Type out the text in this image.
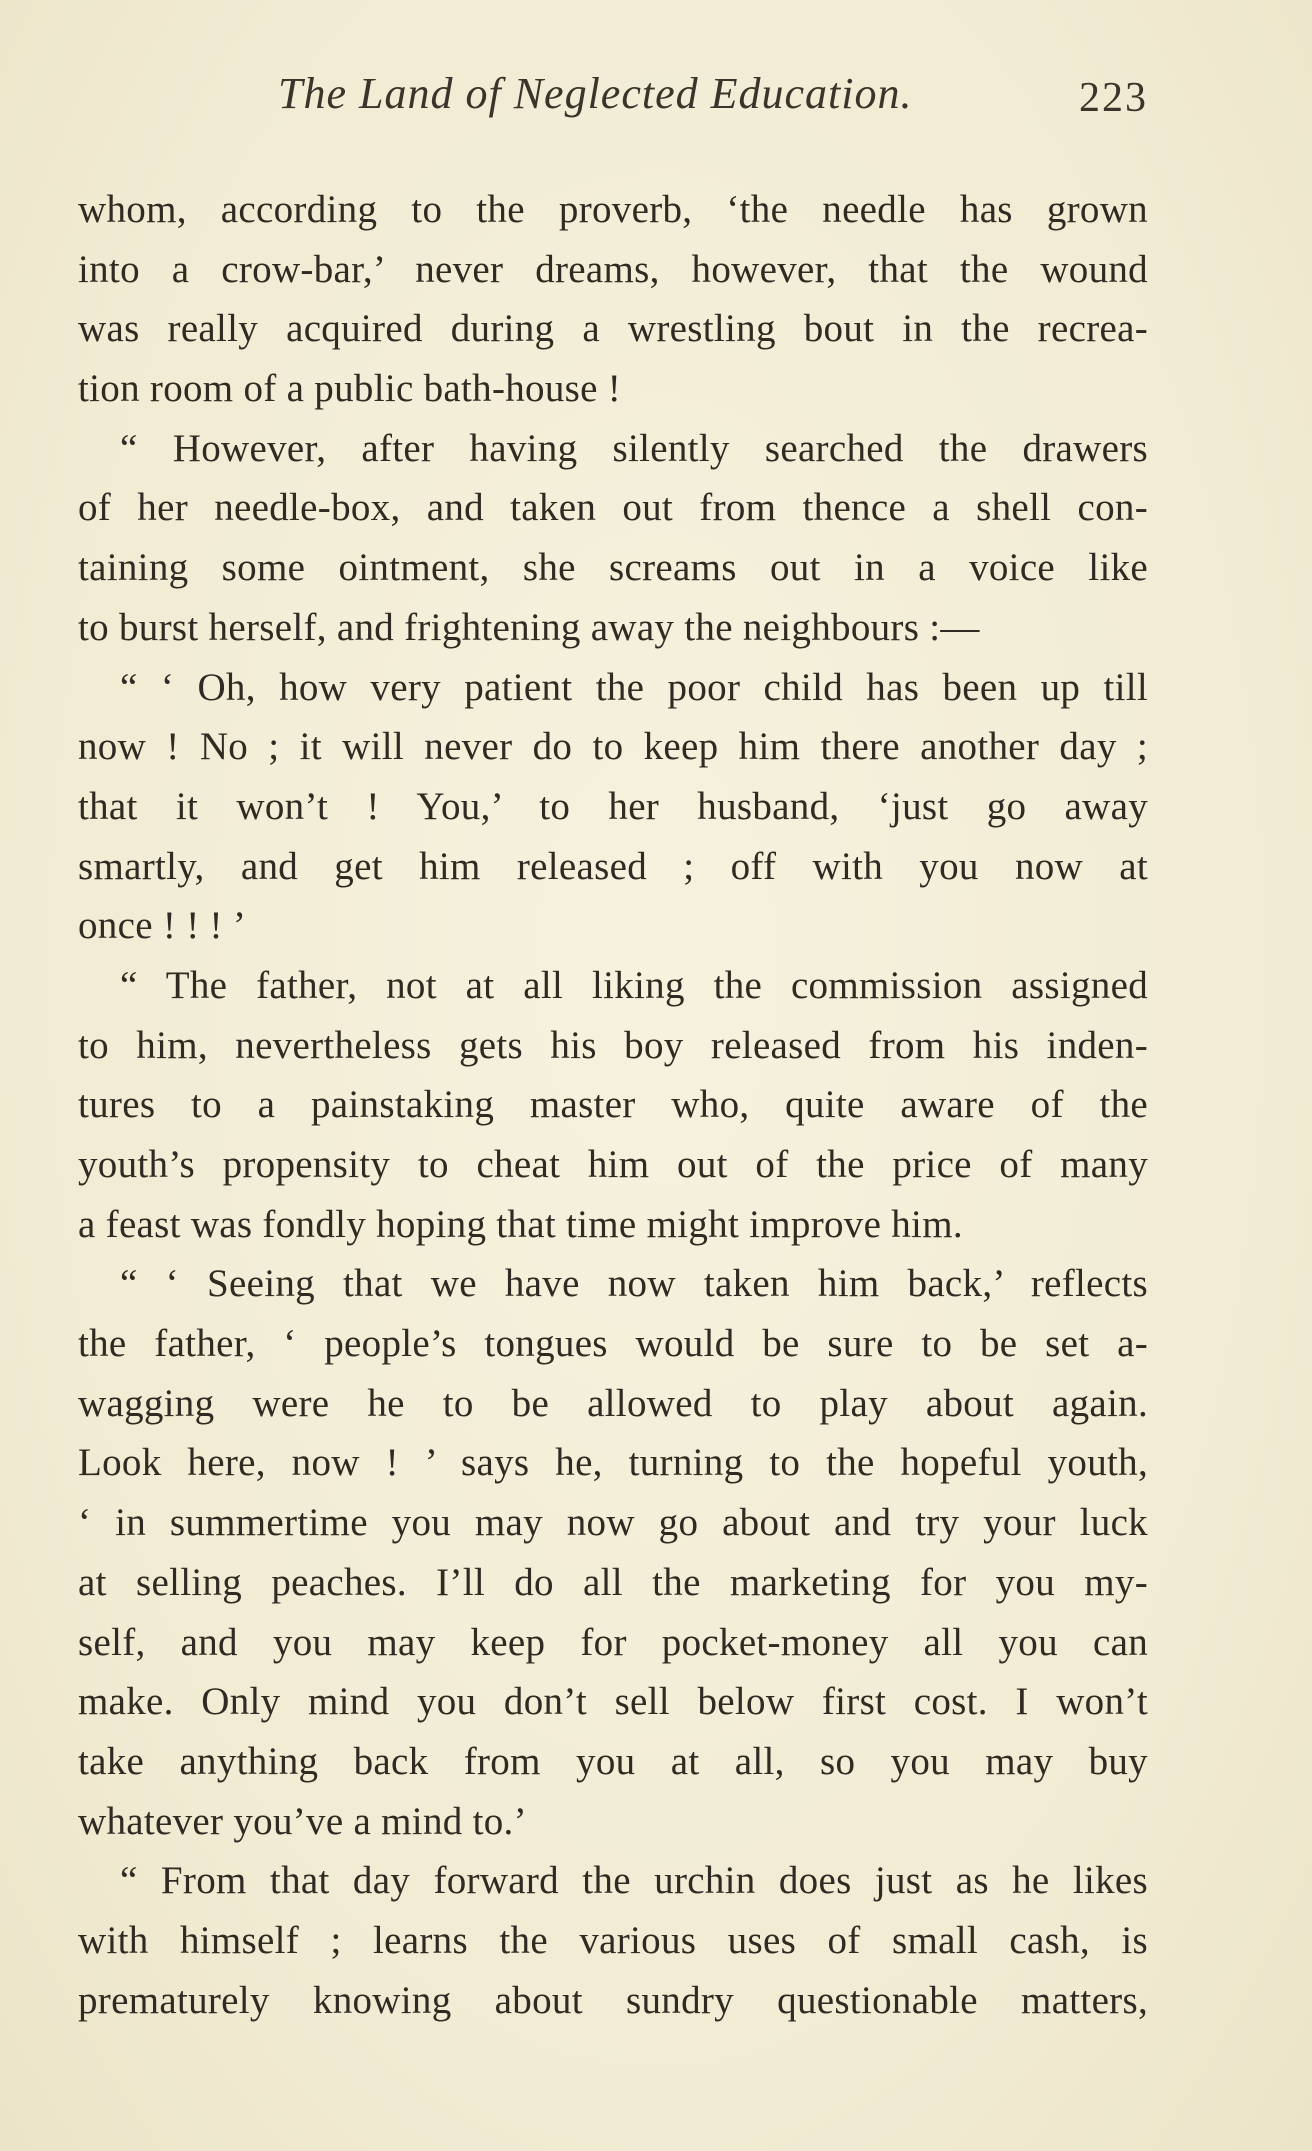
The Land of Neglected Education.	223
whom, according to the proverb, ‘the needle has grown
into a crow-bar,’ never dreams, however, that the wound
was really acquired during a wrestling bout in the recrea-
tion room of a public bath-house !
“ However, after having silently searched the drawers
of her needle-box, and taken out from thence a shell con-
taining some ointment, she screams out in a voice like
to burst herself, and frightening away the neighbours :—
“ ‘ Oh, how very patient the poor child has been up till
now ! No ; it will never do to keep him there another day ;
that it won’t ! You,’ to her husband, ‘just go away
smartly, and get him released ; off with you now at
once ! ! ! ’
“ The father, not at all liking the commission assigned
to him, nevertheless gets his boy released from his inden-
tures to a painstaking master who, quite aware of the
youth’s propensity to cheat him out of the price of many
a feast was fondly hoping that time might improve him.
“ ‘ Seeing that we have now taken him back,’ reflects
the father, ‘ people’s tongues would be sure to be set a-
wagging were he to be allowed to play about again.
Look here, now ! ’ says he, turning to the hopeful youth,
‘ in summertime you may now go about and try your luck
at selling peaches. I’ll do all the marketing for you my-
self, and you may keep for pocket-money all you can
make. Only mind you don’t sell below first cost. I won’t
take anything back from you at all, so you may buy
whatever you’ve a mind to.’
“ From that day forward the urchin does just as he likes
with himself ; learns the various uses of small cash, is
prematurely knowing about sundry questionable matters,
